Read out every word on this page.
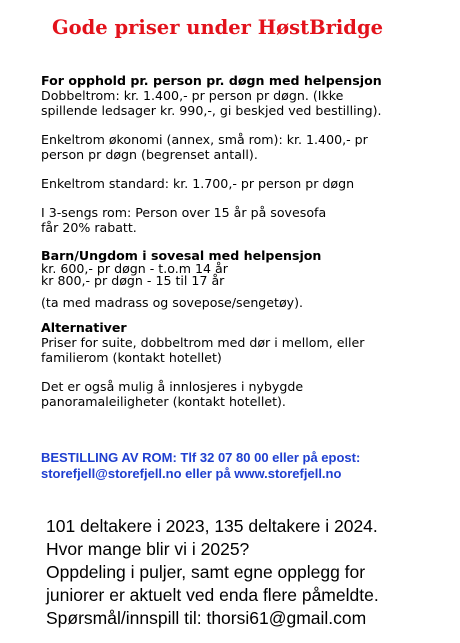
Gode priser under HøstBridge

For opphold pr. person pr. døgn med helpensjon

Dobbeltrom: kr. 1.400,- pr person pr døgn. (Ikke

spillende ledsager kr. 990,-, gi beskjed ved bestilling).

Enkeltrom økonomi (annex, små rom): kr. 1.400,- pr

person pr døgn (begrenset antall).

Enkeltrom standard: kr. 1.700,- pr person pr døgn

I 3-sengs rom: Person over 15 år på sovesofa

får 20% rabatt.

Barn/Ungdom i sovesal med helpensjon

kr. 600,- pr døgn - t.o.m 14 år

kr 800,- pr døgn - 15 til 17 år

(ta med madrass og sovepose/sengetøy).

Alternativer

Priser for suite, dobbeltrom med dør i mellom, eller

familierom (kontakt hotellet)

Det er også mulig å innlosjeres i nybygde

panoramaleiligheter (kontakt hotellet).

BESTILLING AV ROM: Tlf 32 07 80 00 eller på epost:

storefjell@storefjell.no eller på www.storefjell.no

101 deltakere i 2023, 135 deltakere i 2024.

Hvor mange blir vi i 2025?

Oppdeling i puljer, samt egne opplegg for

juniorer er aktuelt ved enda flere påmeldte.

Spørsmål/innspill til: thorsi61@gmail.com
